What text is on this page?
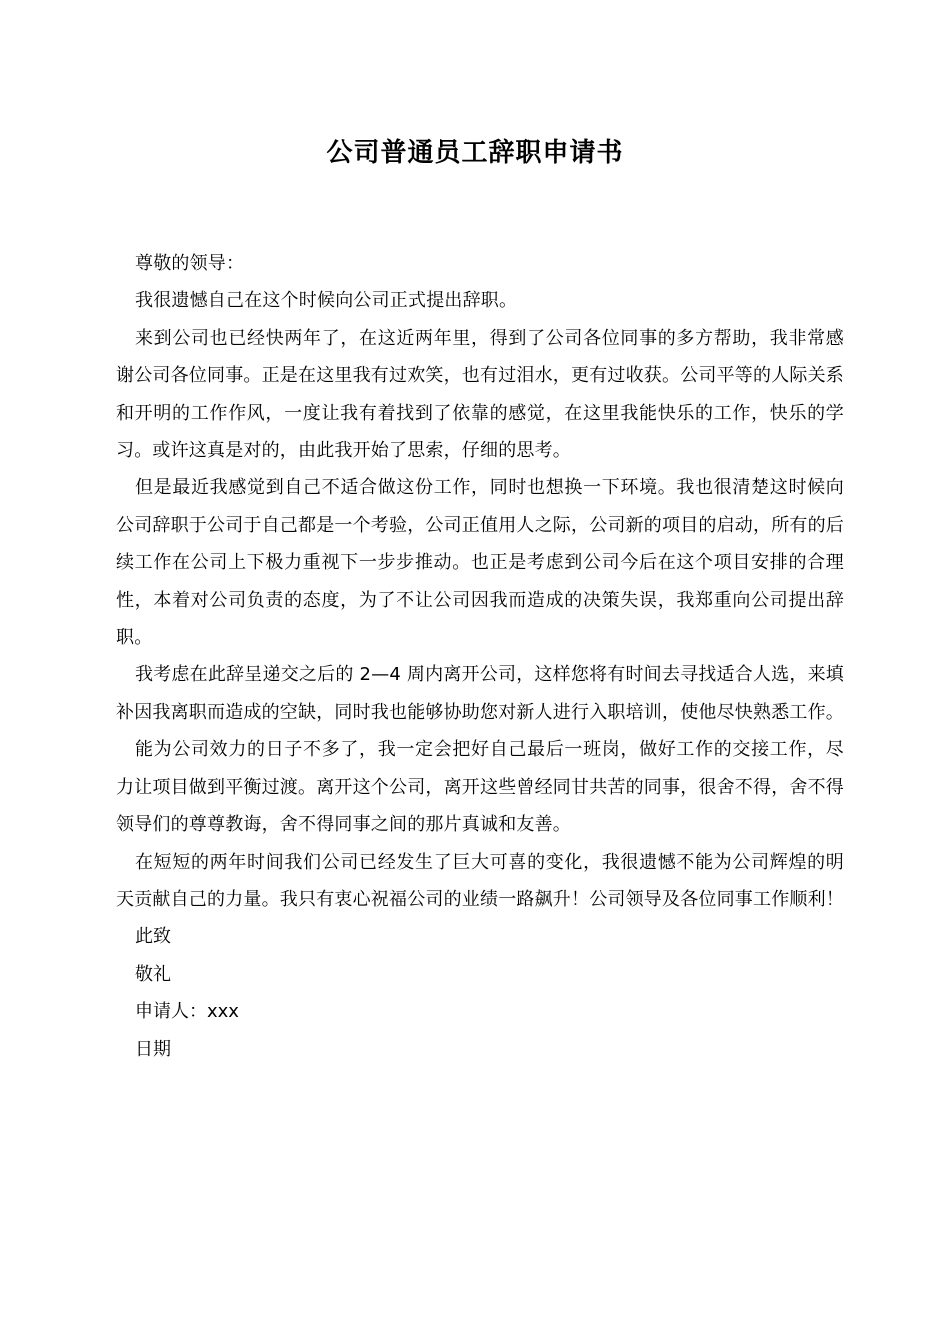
公司普通员工辞职申请书

尊敬的领导：

我很遗憾自己在这个时候向公司正式提出辞职。

来到公司也已经快两年了，在这近两年里，得到了公司各位同事的多方帮助，我非常感谢公司各位同事。正是在这里我有过欢笑，也有过泪水，更有过收获。公司平等的人际关系和开明的工作作风，一度让我有着找到了依靠的感觉，在这里我能快乐的工作，快乐的学习。或许这真是对的，由此我开始了思索，仔细的思考。

但是最近我感觉到自己不适合做这份工作，同时也想换一下环境。我也很清楚这时候向公司辞职于公司于自己都是一个考验，公司正值用人之际，公司新的项目的启动，所有的后续工作在公司上下极力重视下一步步推动。也正是考虑到公司今后在这个项目安排的合理性，本着对公司负责的态度，为了不让公司因我而造成的决策失误，我郑重向公司提出辞职。

我考虑在此辞呈递交之后的 2—4 周内离开公司，这样您将有时间去寻找适合人选，来填补因我离职而造成的空缺，同时我也能够协助您对新人进行入职培训，使他尽快熟悉工作。

能为公司效力的日子不多了，我一定会把好自己最后一班岗，做好工作的交接工作，尽力让项目做到平衡过渡。离开这个公司，离开这些曾经同甘共苦的同事，很舍不得，舍不得领导们的尊尊教诲，舍不得同事之间的那片真诚和友善。

在短短的两年时间我们公司已经发生了巨大可喜的变化，我很遗憾不能为公司辉煌的明天贡献自己的力量。我只有衷心祝福公司的业绩一路飙升！公司领导及各位同事工作顺利！

此致

敬礼

申请人：xxx

日期
